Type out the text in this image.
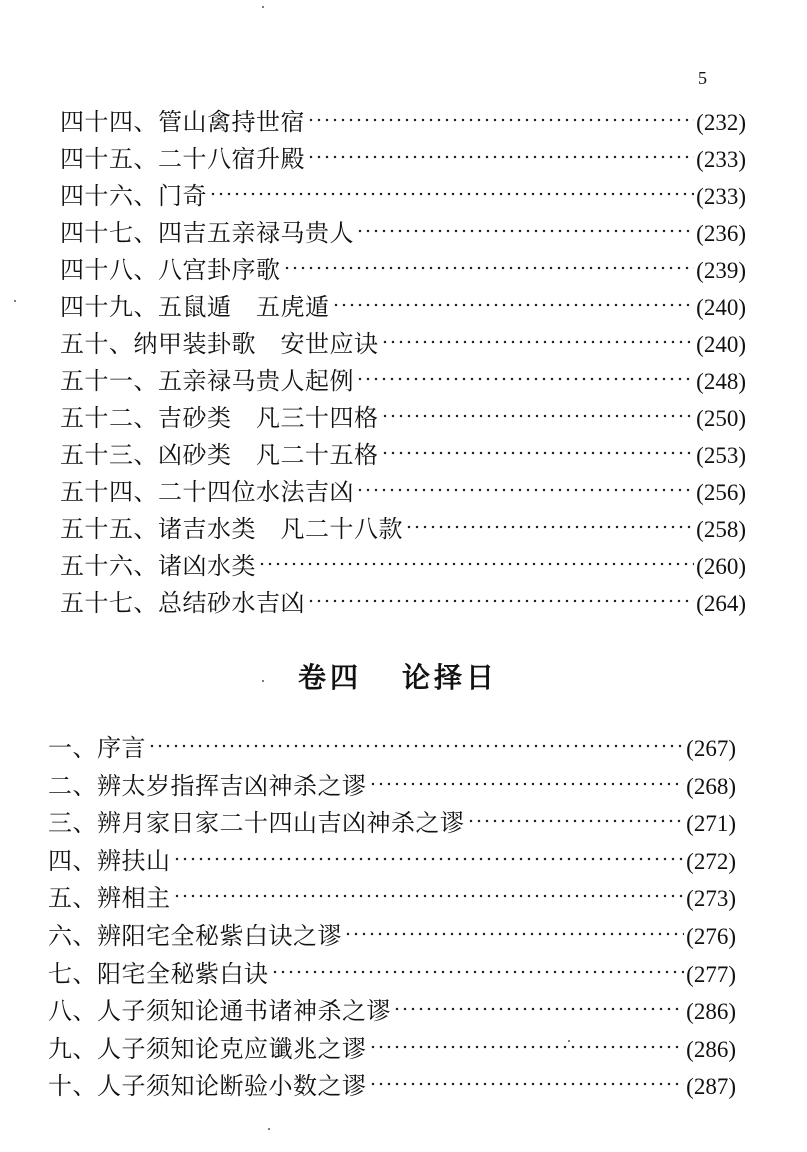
5
四十四、管山禽持世宿	(232)
四十五、二十八宿升殿	(233)
四十六、门奇	(233)
四十七、四吉五亲禄马贵人	(236)
四十八、八宫卦序歌	(239)
四十九、五鼠遁　五虎遁	(240)
五十、纳甲装卦歌　安世应诀	(240)
五十一、五亲禄马贵人起例	(248)
五十二、吉砂类　凡三十四格	(250)
五十三、凶砂类　凡二十五格	(253)
五十四、二十四位水法吉凶	(256)
五十五、诸吉水类　凡二十八款	(258)
五十六、诸凶水类	(260)
五十七、总结砂水吉凶	(264)
卷四 论择日
一、序言	(267)
二、辨太岁指挥吉凶神杀之谬	(268)
三、辨月家日家二十四山吉凶神杀之谬	(271)
四、辨扶山	(272)
五、辨相主	(273)
六、辨阳宅全秘紫白诀之谬	(276)
七、阳宅全秘紫白诀	(277)
八、人子须知论通书诸神杀之谬	(286)
九、人子须知论克应谶兆之谬	(286)
十、人子须知论断验小数之谬	(287)
